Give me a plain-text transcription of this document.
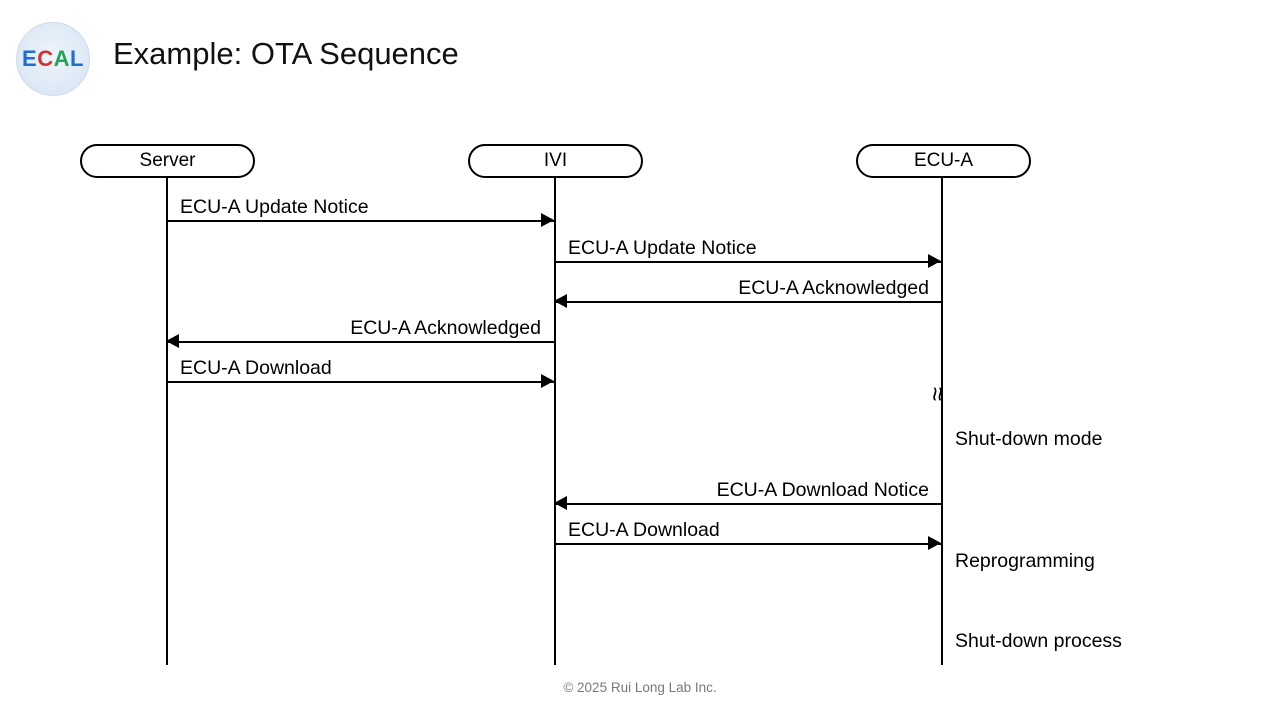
ECAL Example: OTA Sequence
Server	IVI	ECU-A
ECU-A Update Notice
ECU-A Update Notice
ECU-A Acknowledged
ECU-A Acknowledged
ECU-A Download
≈
Shut-down mode
ECU-A Download Notice
ECU-A Download
Reprogramming
Shut-down process
© 2025 Rui Long Lab Inc.
